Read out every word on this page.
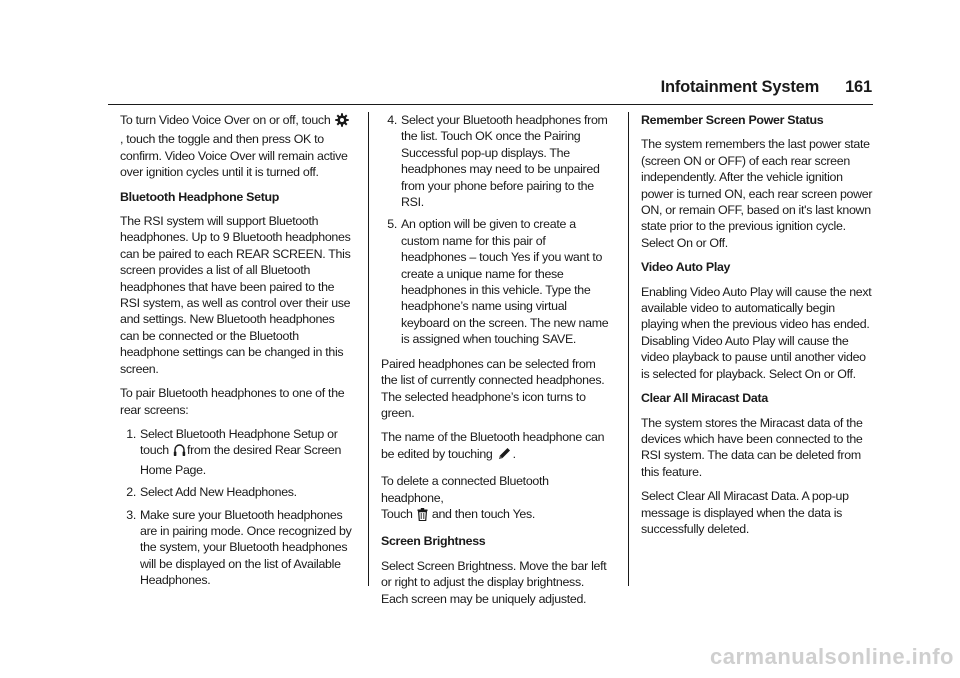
Infotainment System 161

To turn Video Voice Over on or off, touch , touch the toggle and then press OK to confirm. Video Voice Over will remain active over ignition cycles until it is turned off.

Bluetooth Headphone Setup

The RSI system will support Bluetooth headphones. Up to 9 Bluetooth headphones can be paired to each REAR SCREEN. This screen provides a list of all Bluetooth headphones that have been paired to the RSI system, as well as control over their use and settings. New Bluetooth headphones can be connected or the Bluetooth headphone settings can be changed in this screen.

To pair Bluetooth headphones to one of the rear screens:

1. Select Bluetooth Headphone Setup or touch from the desired Rear Screen Home Page.
2. Select Add New Headphones.
3. Make sure your Bluetooth headphones are in pairing mode. Once recognized by the system, your Bluetooth headphones will be displayed on the list of Available Headphones.
4. Select your Bluetooth headphones from the list. Touch OK once the Pairing Successful pop-up displays. The headphones may need to be unpaired from your phone before pairing to the RSI.
5. An option will be given to create a custom name for this pair of headphones – touch Yes if you want to create a unique name for these headphones in this vehicle. Type the headphone’s name using virtual keyboard on the screen. The new name is assigned when touching SAVE.

Paired headphones can be selected from the list of currently connected headphones. The selected headphone’s icon turns to green.

The name of the Bluetooth headphone can be edited by touching .

To delete a connected Bluetooth headphone,
Touch  and then touch Yes.

Screen Brightness

Select Screen Brightness. Move the bar left or right to adjust the display brightness. Each screen may be uniquely adjusted.

Remember Screen Power Status

The system remembers the last power state (screen ON or OFF) of each rear screen independently. After the vehicle ignition power is turned ON, each rear screen power ON, or remain OFF, based on it's last known state prior to the previous ignition cycle. Select On or Off.

Video Auto Play

Enabling Video Auto Play will cause the next available video to automatically begin playing when the previous video has ended. Disabling Video Auto Play will cause the video playback to pause until another video is selected for playback. Select On or Off.

Clear All Miracast Data

The system stores the Miracast data of the devices which have been connected to the RSI system. The data can be deleted from this feature.

Select Clear All Miracast Data. A pop-up message is displayed when the data is successfully deleted.

carmanualsonline.info
